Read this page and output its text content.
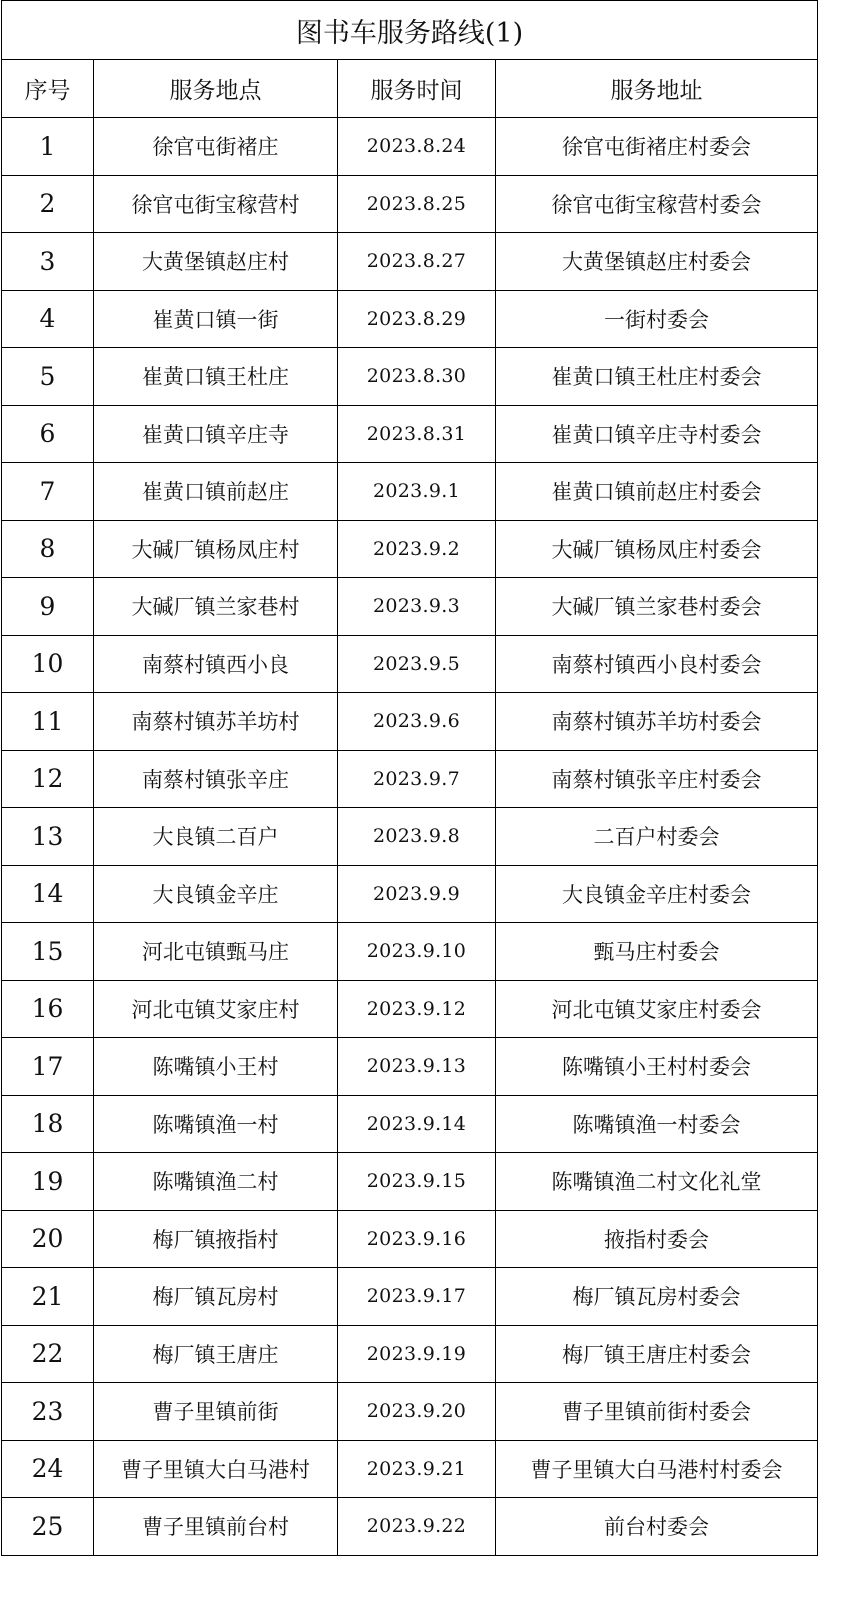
图书车服务路线(1)			
序号	服务地点	服务时间	服务地址
1	徐官屯街褚庄	2023.8.24	徐官屯街褚庄村委会
2	徐官屯街宝稼营村	2023.8.25	徐官屯街宝稼营村委会
3	大黄堡镇赵庄村	2023.8.27	大黄堡镇赵庄村委会
4	崔黄口镇一街	2023.8.29	一街村委会
5	崔黄口镇王杜庄	2023.8.30	崔黄口镇王杜庄村委会
6	崔黄口镇辛庄寺	2023.8.31	崔黄口镇辛庄寺村委会
7	崔黄口镇前赵庄	2023.9.1	崔黄口镇前赵庄村委会
8	大碱厂镇杨凤庄村	2023.9.2	大碱厂镇杨凤庄村委会
9	大碱厂镇兰家巷村	2023.9.3	大碱厂镇兰家巷村委会
10	南蔡村镇西小良	2023.9.5	南蔡村镇西小良村委会
11	南蔡村镇苏羊坊村	2023.9.6	南蔡村镇苏羊坊村委会
12	南蔡村镇张辛庄	2023.9.7	南蔡村镇张辛庄村委会
13	大良镇二百户	2023.9.8	二百户村委会
14	大良镇金辛庄	2023.9.9	大良镇金辛庄村委会
15	河北屯镇甄马庄	2023.9.10	甄马庄村委会
16	河北屯镇艾家庄村	2023.9.12	河北屯镇艾家庄村委会
17	陈嘴镇小王村	2023.9.13	陈嘴镇小王村村委会
18	陈嘴镇渔一村	2023.9.14	陈嘴镇渔一村委会
19	陈嘴镇渔二村	2023.9.15	陈嘴镇渔二村文化礼堂
20	梅厂镇掖指村	2023.9.16	掖指村委会
21	梅厂镇瓦房村	2023.9.17	梅厂镇瓦房村委会
22	梅厂镇王唐庄	2023.9.19	梅厂镇王唐庄村委会
23	曹子里镇前街	2023.9.20	曹子里镇前街村委会
24	曹子里镇大白马港村	2023.9.21	曹子里镇大白马港村村委会
25	曹子里镇前台村	2023.9.22	前台村委会
